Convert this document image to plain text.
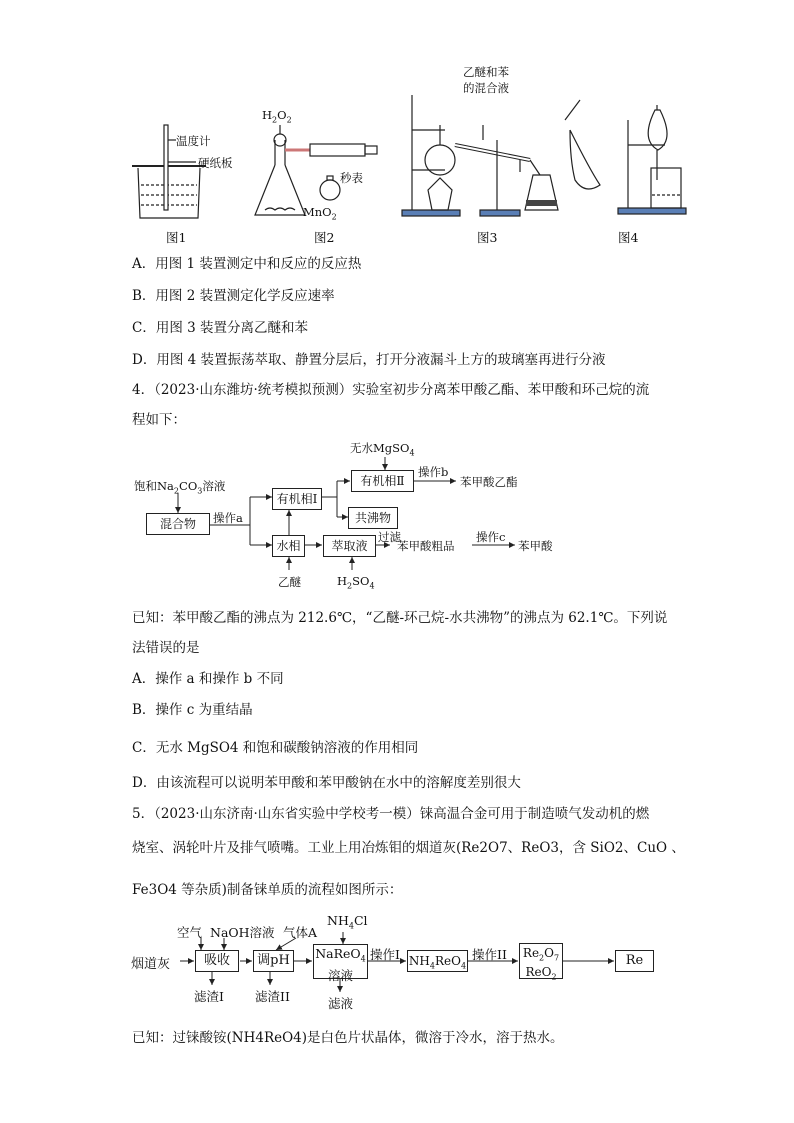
温度计
硬纸板
$H_2O_2$
秒表
MnO$_2$
乙醚和苯
的混合液
图1	图2	图3	图4
A．用图 1 装置测定中和反应的反应热
B．用图 2 装置测定化学反应速率
C．用图 3 装置分离乙醚和苯
D．用图 4 装置振荡萃取、静置分层后，打开分液漏斗上方的玻璃塞再进行分液
4．（2023·山东潍坊·统考模拟预测）实验室初步分离苯甲酸乙酯、苯甲酸和环己烷的流
程如下：
无水MgSO$_4$
饱和$Na_2CO_3$溶液
混合物	操作a
有机相Ⅰ
有机相Ⅱ
操作b
苯甲酸乙酯
共沸物
水相	萃取液
过滤
苯甲酸粗品
操作c
苯甲酸
乙醚	$H_2SO_4$
已知：苯甲酸乙酯的沸点为 212.6℃，“乙醚-环己烷-水共沸物”的沸点为 62.1℃。下列说
法错误的是
A．操作 a 和操作 b 不同
B．操作 c 为重结晶
C．无水 MgSO4 和饱和碳酸钠溶液的作用相同
D．由该流程可以说明苯甲酸和苯甲酸钠在水中的溶解度差别很大
5．（2023·山东济南·山东省实验中学校考一模）铼高温合金可用于制造喷气发动机的燃
烧室、涡轮叶片及排气喷嘴。工业上用冶炼钼的烟道灰(Re2O7、ReO3，含 SiO2、CuO 、
Fe3O4 等杂质)制备铼单质的流程如图所示：
烟道灰
空气 NaOH溶液 气体A
$NH_4Cl$
吸收	调pH	NaReO$_4$
溶液
操作I $NH_4ReO_4$
操作II $Re_2O_7$
ReO$_2$
Re
滤渣I 滤渣II	滤液
已知：过铼酸铵(NH4ReO4)是白色片状晶体，微溶于冷水，溶于热水。
